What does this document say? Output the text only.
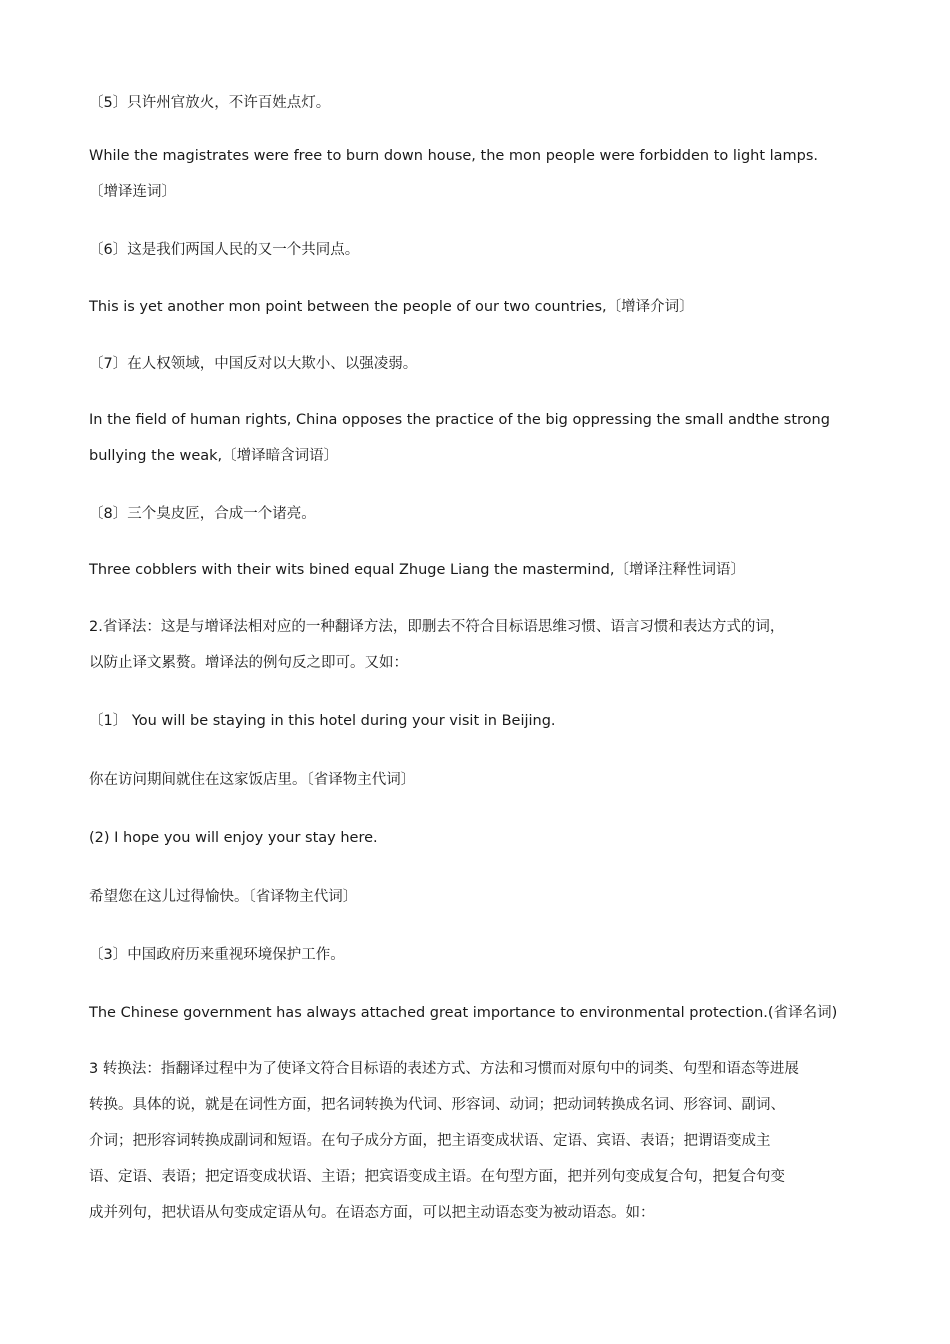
〔5〕只许州官放火，不许百姓点灯。
While the magistrates were free to burn down house, the mon people were forbidden to light lamps.
〔增译连词〕
〔6〕这是我们两国人民的又一个共同点。
This is yet another mon point between the people of our two countries,〔增译介词〕
〔7〕在人权领域，中国反对以大欺小、以强凌弱。
In the field of human rights, China opposes the practice of the big oppressing the small andthe strong
bullying the weak,〔增译暗含词语〕
〔8〕三个臭皮匠，合成一个诸亮。
Three cobblers with their wits bined equal Zhuge Liang the mastermind,〔增译注释性词语〕
2.省译法：这是与增译法相对应的一种翻译方法，即删去不符合目标语思维习惯、语言习惯和表达方式的词，
以防止译文累赘。增译法的例句反之即可。又如：
〔1〕 You will be staying in this hotel during your visit in Beijing.
你在访问期间就住在这家饭店里。〔省译物主代词〕
(2) I hope you will enjoy your stay here.
希望您在这儿过得愉快。〔省译物主代词〕
〔3〕中国政府历来重视环境保护工作。
The Chinese government has always attached great importance to environmental protection.(省译名词)
3 转换法：指翻译过程中为了使译文符合目标语的表述方式、方法和习惯而对原句中的词类、句型和语态等进展
转换。具体的说，就是在词性方面，把名词转换为代词、形容词、动词；把动词转换成名词、形容词、副词、
介词；把形容词转换成副词和短语。在句子成分方面，把主语变成状语、定语、宾语、表语；把谓语变成主
语、定语、表语；把定语变成状语、主语；把宾语变成主语。在句型方面，把并列句变成复合句，把复合句变
成并列句，把状语从句变成定语从句。在语态方面，可以把主动语态变为被动语态。如：
